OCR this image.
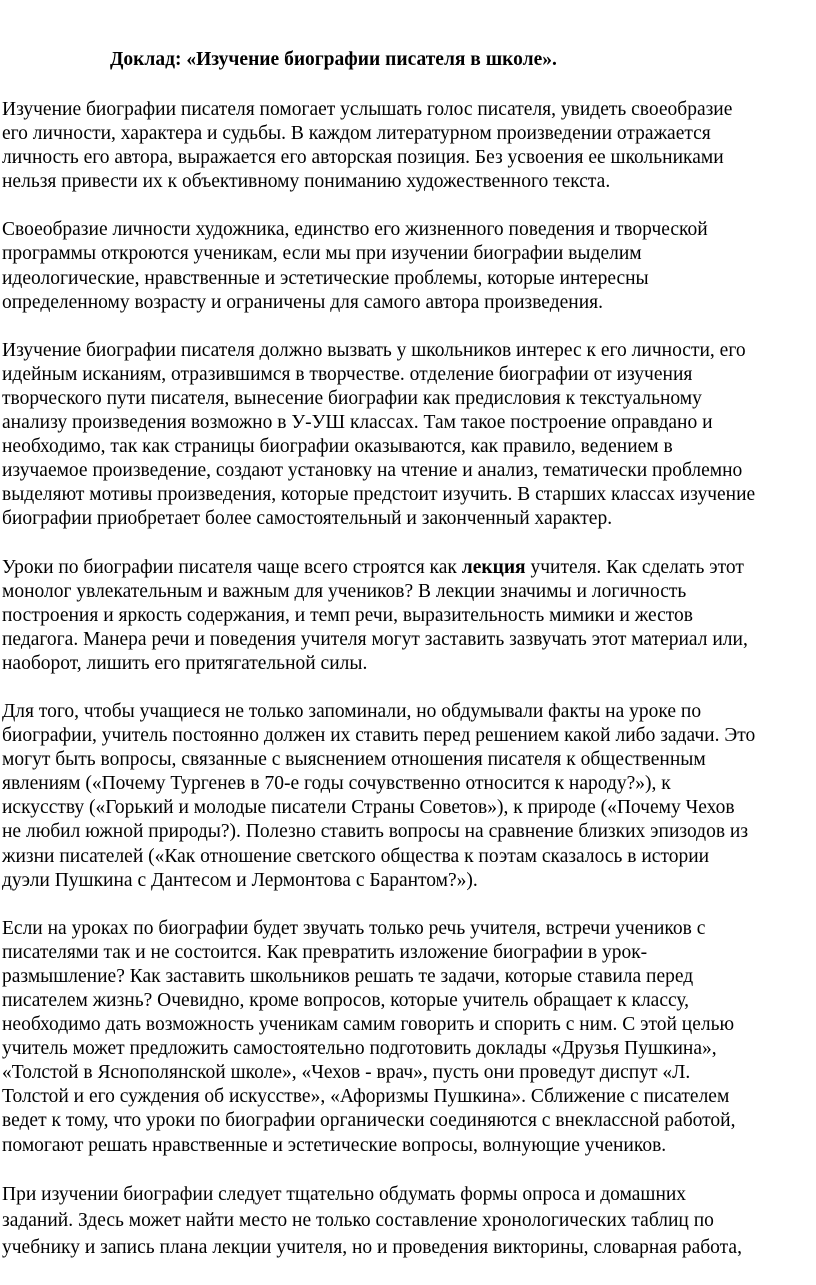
Доклад: «Изучение биографии писателя в школе».
Изучение биографии писателя помогает услышать голос писателя, увидеть своеобразие
его личности, характера и судьбы. В каждом литературном произведении отражается
личность его автора, выражается его авторская позиция. Без усвоения ее школьниками
нельзя привести их к объективному пониманию художественного текста.
Своеобразие личности художника, единство его жизненного поведения и творческой
программы откроются ученикам, если мы при изучении биографии выделим
идеологические, нравственные и эстетические проблемы, которые интересны
определенному возрасту и ограничены для самого автора произведения.
Изучение биографии писателя должно вызвать у школьников интерес к его личности, его
идейным исканиям, отразившимся в творчестве. отделение биографии от изучения
творческого пути писателя, вынесение биографии как предисловия к текстуальному
анализу произведения возможно в У-УШ классах. Там такое построение оправдано и
необходимо, так как страницы биографии оказываются, как правило, ведением в
изучаемое произведение, создают установку на чтение и анализ, тематически проблемно
выделяют мотивы произведения, которые предстоит изучить. В старших классах изучение
биографии приобретает более самостоятельный и законченный характер.
Уроки по биографии писателя чаще всего строятся как лекция учителя. Как сделать этот
монолог увлекательным и важным для учеников? В лекции значимы и логичность
построения и яркость содержания, и темп речи, выразительность мимики и жестов
педагога. Манера речи и поведения учителя могут заставить зазвучать этот материал или,
наоборот, лишить его притягательной силы.
Для того, чтобы учащиеся не только запоминали, но обдумывали факты на уроке по
биографии, учитель постоянно должен их ставить перед решением какой либо задачи. Это
могут быть вопросы, связанные с выяснением отношения писателя к общественным
явлениям («Почему Тургенев в 70-е годы сочувственно относится к народу?»), к
искусству («Горький и молодые писатели Страны Советов»), к природе («Почему Чехов
не любил южной природы?). Полезно ставить вопросы на сравнение близких эпизодов из
жизни писателей («Как отношение светского общества к поэтам сказалось в истории
дуэли Пушкина с Дантесом и Лермонтова с Барантом?»).
Если на уроках по биографии будет звучать только речь учителя, встречи учеников с
писателями так и не состоится. Как превратить изложение биографии в урок-
размышление? Как заставить школьников решать те задачи, которые ставила перед
писателем жизнь? Очевидно, кроме вопросов, которые учитель обращает к классу,
необходимо дать возможность ученикам самим говорить и спорить с ним. С этой целью
учитель может предложить самостоятельно подготовить доклады «Друзья Пушкина»,
«Толстой в Яснополянской школе», «Чехов - врач», пусть они проведут диспут «Л.
Толстой и его суждения об искусстве», «Афоризмы Пушкина». Сближение с писателем
ведет к тому, что уроки по биографии органически соединяются с внеклассной работой,
помогают решать нравственные и эстетические вопросы, волнующие учеников.
При изучении биографии следует тщательно обдумать формы опроса и домашних
заданий. Здесь может найти место не только составление хронологических таблиц по
учебнику и запись плана лекции учителя, но и проведения викторины, словарная работа,
